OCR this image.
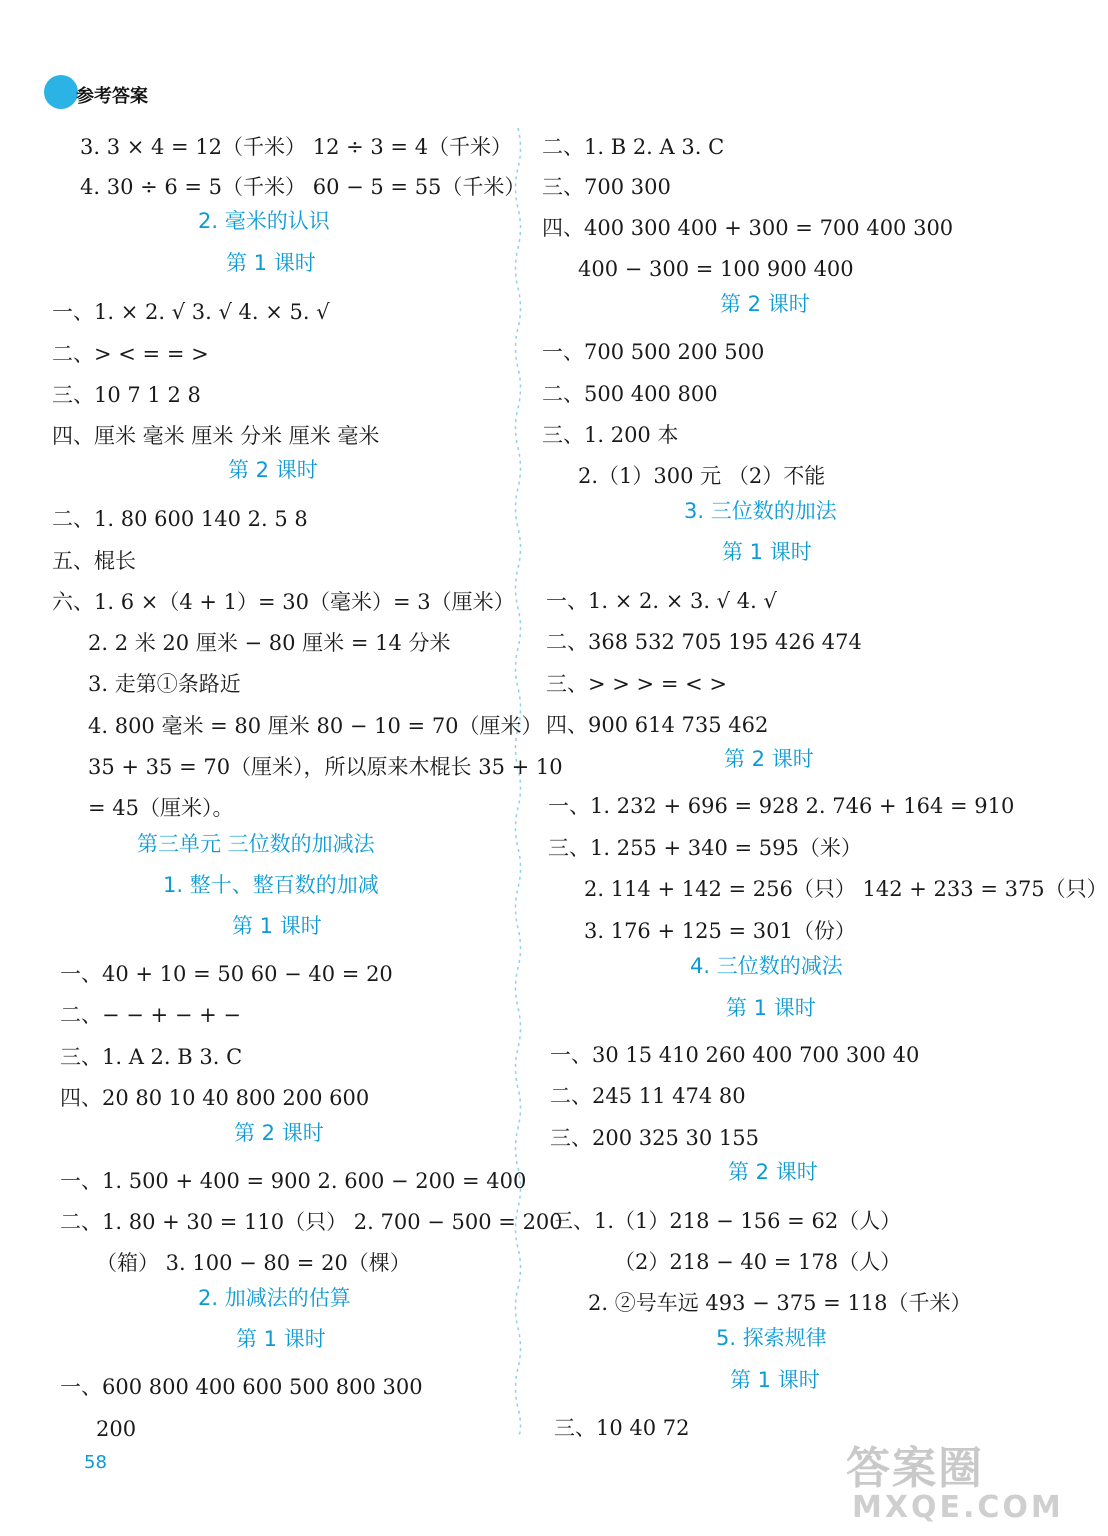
参考答案
58	答案圈
MXQE.COM
3. 3 × 4 = 12（千米） 12 ÷ 3 = 4（千米）
4. 30 ÷ 6 = 5（千米） 60 − 5 = 55（千米）
2. 毫米的认识
第 1 课时
一、1. × 2. √ 3. √ 4. × 5. √
二、> < = = >
三、10 7 1 2 8
四、厘米 毫米 厘米 分米 厘米 毫米
第 2 课时
二、1. 80 600 140 2. 5 8
五、棍长
六、1. 6 ×（4 + 1）= 30（毫米）= 3（厘米）
2. 2 米 20 厘米 − 80 厘米 = 14 分米
3. 走第①条路近
4. 800 毫米 = 80 厘米 80 − 10 = 70（厘米）
35 + 35 = 70（厘米），所以原来木棍长 35 + 10
= 45（厘米）。
第三单元 三位数的加减法
1. 整十、整百数的加减
第 1 课时
一、40 + 10 = 50 60 − 40 = 20
二、− − + − + −
三、1. A 2. B 3. C
四、20 80 10 40 800 200 600
第 2 课时
一、1. 500 + 400 = 900 2. 600 − 200 = 400
二、1. 80 + 30 = 110（只） 2. 700 − 500 = 200
（箱） 3. 100 − 80 = 20（棵）
2. 加减法的估算
第 1 课时
一、600 800 400 600 500 800 300
200
二、1. B 2. A 3. C
三、700 300
四、400 300 400 + 300 = 700 400 300
400 − 300 = 100 900 400
第 2 课时
一、700 500 200 500
二、500 400 800
三、1. 200 本
2.（1）300 元 （2）不能
3. 三位数的加法
第 1 课时
一、1. × 2. × 3. √ 4. √
二、368 532 705 195 426 474
三、> > > = < >
四、900 614 735 462
第 2 课时
一、1. 232 + 696 = 928 2. 746 + 164 = 910
三、1. 255 + 340 = 595（米）
2. 114 + 142 = 256（只） 142 + 233 = 375（只）
3. 176 + 125 = 301（份）
4. 三位数的减法
第 1 课时
一、30 15 410 260 400 700 300 40
二、245 11 474 80
三、200 325 30 155
第 2 课时
三、1.（1）218 − 156 = 62（人）
（2）218 − 40 = 178（人）
2. ②号车远 493 − 375 = 118（千米）
5. 探索规律
第 1 课时
三、10 40 72
